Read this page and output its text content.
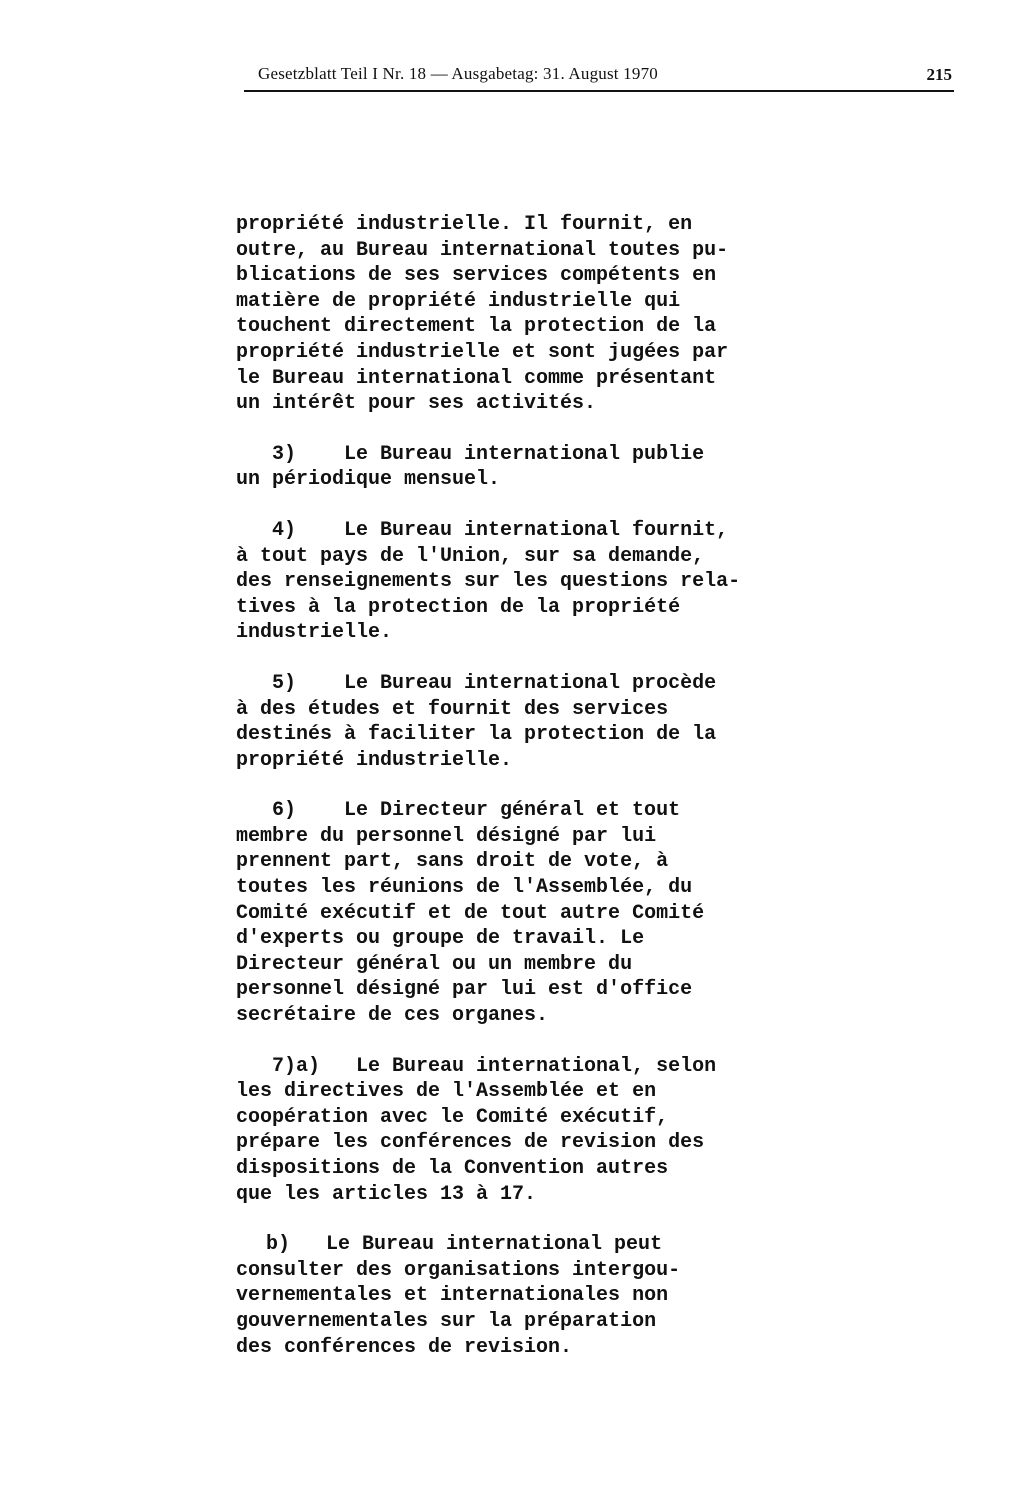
Gesetzblatt Teil I Nr. 18 — Ausgabetag: 31. August 1970	215
propriété industrielle. Il fournit, en
outre, au Bureau international toutes pu-
blications de ses services compétents en
matière de propriété industrielle qui
touchent directement la protection de la
propriété industrielle et sont jugées par
le Bureau international comme présentant
un intérêt pour ses activités.
3)    Le Bureau international publie
un périodique mensuel.
4)    Le Bureau international fournit,
à tout pays de l'Union, sur sa demande,
des renseignements sur les questions rela-
tives à la protection de la propriété
industrielle.
5)    Le Bureau international procède
à des études et fournit des services
destinés à faciliter la protection de la
propriété industrielle.
6)    Le Directeur général et tout
membre du personnel désigné par lui
prennent part, sans droit de vote, à
toutes les réunions de l'Assemblée, du
Comité exécutif et de tout autre Comité
d'experts ou groupe de travail. Le
Directeur général ou un membre du
personnel désigné par lui est d'office
secrétaire de ces organes.
7)a)   Le Bureau international, selon
les directives de l'Assemblée et en
coopération avec le Comité exécutif,
prépare les conférences de revision des
dispositions de la Convention autres
que les articles 13 à 17.
b)   Le Bureau international peut
consulter des organisations intergou-
vernementales et internationales non
gouvernementales sur la préparation
des conférences de revision.
